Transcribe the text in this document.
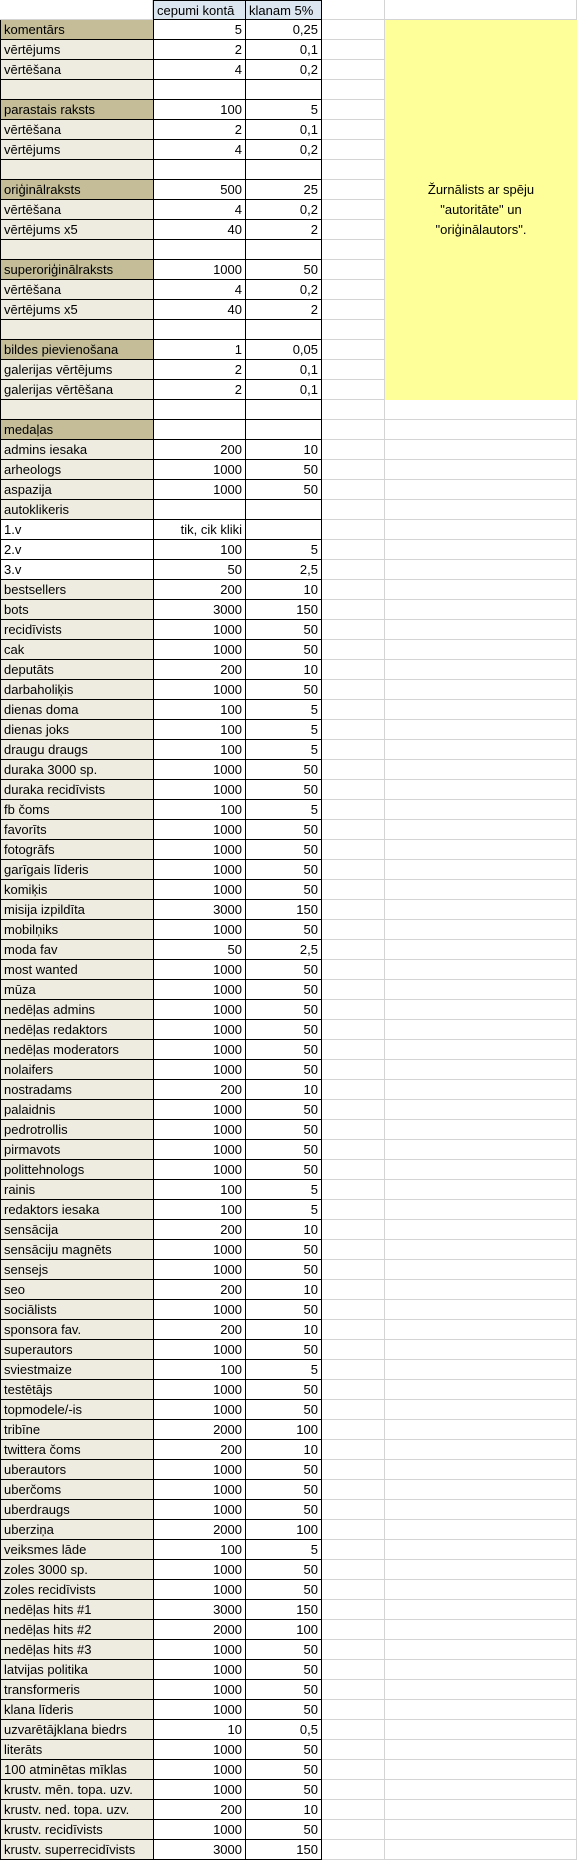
cepumi kontā	klanam 5%
komentārs	5	0,25
vērtējums	2	0,1
vērtēšana	4	0,2
parastais raksts	100	5
vērtēšana	2	0,1
vērtējums	4	0,2
oriģinālraksts	500	25
vērtēšana	4	0,2
vērtējums x5	40	2
superoriģinālraksts	1000	50
vērtēšana	4	0,2
vērtējums x5	40	2
bildes pievienošana	1	0,05
galerijas vērtējums	2	0,1
galerijas vērtēšana	2	0,1
medaļas
admins iesaka	200	10
arheologs	1000	50
aspazija	1000	50
autoklikeris
1.v	tik, cik kliki
2.v	100	5
3.v	50	2,5
bestsellers	200	10
bots	3000	150
recidīvists	1000	50
cak	1000	50
deputāts	200	10
darbaholiķis	1000	50
dienas doma	100	5
dienas joks	100	5
draugu draugs	100	5
duraka 3000 sp.	1000	50
duraka recidīvists	1000	50
fb čoms	100	5
favorīts	1000	50
fotogrāfs	1000	50
garīgais līderis	1000	50
komiķis	1000	50
misija izpildīta	3000	150
mobilņiks	1000	50
moda fav	50	2,5
most wanted	1000	50
mūza	1000	50
nedēļas admins	1000	50
nedēļas redaktors	1000	50
nedēļas moderators	1000	50
nolaifers	1000	50
nostradams	200	10
palaidnis	1000	50
pedrotrollis	1000	50
pirmavots	1000	50
polittehnologs	1000	50
rainis	100	5
redaktors iesaka	100	5
sensācija	200	10
sensāciju magnēts	1000	50
sensejs	1000	50
seo	200	10
sociālists	1000	50
sponsora fav.	200	10
superautors	1000	50
sviestmaize	100	5
testētājs	1000	50
topmodele/-is	1000	50
tribīne	2000	100
twittera čoms	200	10
uberautors	1000	50
uberčoms	1000	50
uberdraugs	1000	50
uberziņa	2000	100
veiksmes lāde	100	5
zoles 3000 sp.	1000	50
zoles recidīvists	1000	50
nedēļas hits #1	3000	150
nedēļas hits #2	2000	100
nedēļas hits #3	1000	50
latvijas politika	1000	50
transformeris	1000	50
klana līderis	1000	50
uzvarētājklana biedrs	10	0,5
literāts	1000	50
100 atminētas mīklas	1000	50
krustv. mēn. topa. uzv.	1000	50
krustv. ned. topa. uzv.	200	10
krustv. recidīvists	1000	50
krustv. superrecidīvists	3000	150
Žurnālists ar spēju
"autoritāte" un
"oriģinālautors".
